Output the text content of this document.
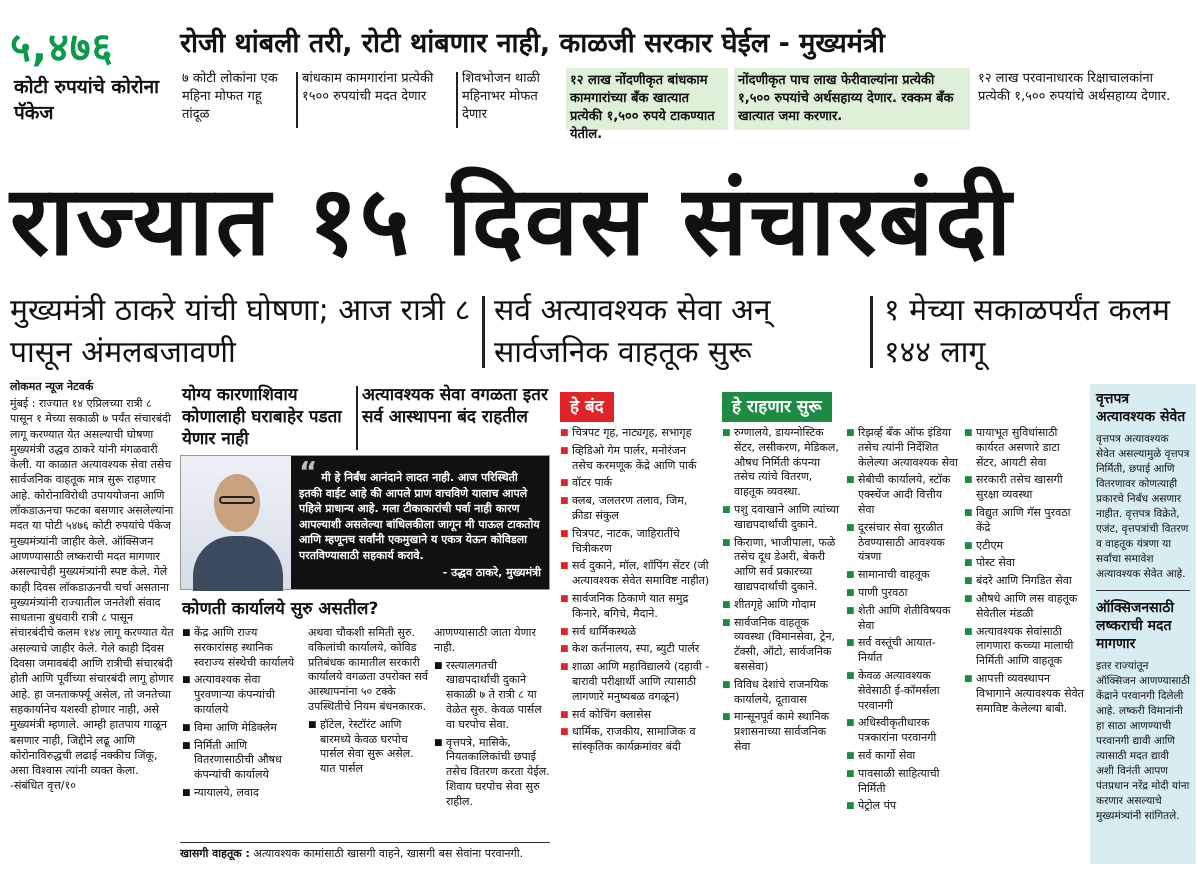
५,४७६
कोटी रुपयांचे कोरोना पॅकेज
रोजी थांबली तरी, रोटी थांबणार नाही, काळजी सरकार घेईल - मुख्यमंत्री
७ कोटी लोकांना एक महिना मोफत गहू तांदूळ
बांधकाम कामगारांना प्रत्येकी १५०० रुपयांची मदत देणार
शिवभोजन थाळी महिनाभर मोफत देणार
१२ लाख नोंदणीकृत बांधकाम कामगारांच्या बँक खात्यात प्रत्येकी १,५०० रुपये टाकण्यात येतील.
नोंदणीकृत पाच लाख फेरीवाल्यांना प्रत्येकी १,५०० रुपयांचे अर्थसहाय्य देणार. रक्कम बँक खात्यात जमा करणार.
१२ लाख परवानाधारक रिक्षाचालकांना प्रत्येकी १,५०० रुपयांचे अर्थसहाय्य देणार.
राज्यात १५ दिवस संचारबंदी
मुख्यमंत्री ठाकरे यांची घोषणा; आज रात्री ८ पासून अंमलबजावणी
सर्व अत्यावश्यक सेवा अन् सार्वजनिक वाहतूक सुरू
१ मेच्या सकाळपर्यंत कलम १४४ लागू
लोकमत न्यूज नेटवर्क
मुंबई : राज्यात १४ एप्रिलच्या रात्री ८ पासून १ मेच्या सकाळी ७ पर्यंत संचारबंदी लागू करण्यात येत असल्याची घोषणा मुख्यमंत्री उद्धव ठाकरे यांनी मंगळवारी केली. या काळात अत्यावश्यक सेवा तसेच सार्वजनिक वाहतूक मात्र सुरू राहणार आहे. कोरोनाविरोधी उपाययोजना आणि लॉकडाऊनचा फटका बसणार असलेल्यांना मदत या पोटी ५४७६ कोटी रुपयांचे पॅकेज मुख्यमंत्र्यांनी जाहीर केले. ऑक्सिजन आणण्यासाठी लष्कराची मदत मागणार असल्याचेही मुख्यमंत्र्यांनी स्पष्ट केले. गेले काही दिवस लॉकडाऊनची चर्चा असताना मुख्यमंत्र्यांनी राज्यातील जनतेशी संवाद साधताना बुधवारी रात्री ८ पासून संचारबंदीचे कलम १४४ लागू करण्यात येत असल्याचे जाहीर केले. गेले काही दिवस दिवसा जमावबंदी आणि रात्रीची संचारबंदी होती आणि पूर्वीच्या संचारबंदी लागू होणार आहे. हा जनताकर्फ्यू असेल, तो जनतेच्या सहकार्यानेच यशस्वी होणार नाही, असे मुख्यमंत्री म्हणाले. आम्ही हातपाय गाळून बसणार नाही, जिद्दीने लढू आणि कोरोनाविरुद्धची लढाई नक्कीच जिंकू, असा विश्वास त्यांनी व्यक्त केला. -संबंधित वृत्त/१०
योग्य कारणाशिवाय कोणालाही घराबाहेर पडता येणार नाही
अत्यावश्यक सेवा वगळता इतर सर्व आस्थापना बंद राहतील
“ मी हे निर्बंध आनंदाने लादत नाही. आज परिस्थिती इतकी वाईट आहे की आपले प्राण वाचविणे यालाच आपले पहिले प्राधान्य आहे. मला टीकाकारांची पर्वा नाही कारण आपल्याशी असलेल्या बांधिलकीला जागून मी पाऊल टाकतोय आणि म्हणूनच सर्वांनी एकमुखाने य एकत्र येऊन कोविडला परतविण्यासाठी सहकार्य करावे.
- उद्धव ठाकरे, मुख्यमंत्री
कोणती कार्यालये सुरु असतील?
■ केंद्र आणि राज्य सरकारांसह स्थानिक स्वराज्य संस्थेची कार्यालये
■ अत्यावश्यक सेवा पुरवणाऱ्या कंपन्यांची कार्यालये
■ विमा आणि मेडिक्लेम
■ निर्मिती आणि वितरणासाठीची औषध कंपन्यांची कार्यालये
■ न्यायालये, लवाद
अथवा चौकशी समिती सुरु. वकिलांची कार्यालये, कोविड प्रतिबंधक कामातील सरकारी कार्यालये वगळता उपरोक्त सर्व आस्थापनांना ५० टक्के उपस्थितीचे नियम बंधनकारक.
■ हॉटेल, रेस्टॉरंट आणि बारमध्ये केवळ घरपोच पार्सल सेवा सुरू असेल. यात पार्सल
आणण्यासाठी जाता येणार नाही.
■ रस्त्यालगतची खाद्यपदार्थांची दुकाने सकाळी ७ ते रात्री ८ या वेळेत सुरु. केवळ पार्सल वा घरपोच सेवा.
■ वृत्तपत्रे, मासिके, नियतकालिकांची छपाई तसेच वितरण करता येईल. शिवाय घरपोच सेवा सुरु राहील.
खासगी वाहतूक : अत्यावश्यक कामांसाठी खासगी वाहने, खासगी बस सेवांना परवानगी.
हे बंद
■ चित्रपट गृह, नाट्यगृह, सभागृह
■ व्हिडिओ गेम पार्लर, मनोरंजन तसेच करमणूक केंद्रे आणि पार्क
■ वॉटर पार्क
■ क्लब, जलतरण तलाव, जिम, क्रीडा संकुल
■ चित्रपट, नाटक, जाहिरातींचे चित्रीकरण
■ सर्व दुकाने, मॉल, शॉपिंग सेंटर (जी अत्यावश्यक सेवेत समाविष्ट नाहीत)
■ सार्वजनिक ठिकाणे यात समुद्र किनारे, बगिचे, मैदाने.
■ सर्व धार्मिकस्थळे
■ केश कर्तनालय, स्पा, ब्युटी पार्लर
■ शाळा आणि महाविद्यालये (दहावी - बारावी परीक्षार्थी आणि त्यासाठी लागणारे मनुष्यबळ वगळून)
■ सर्व कोचिंग क्लासेस
■ धार्मिक, राजकीय, सामाजिक व सांस्कृतिक कार्यक्रमांवर बंदी
हे राहणार सुरू
■ रुग्णालये, डायग्नोस्टिक सेंटर, लसीकरण, मेडिकल, औषध निर्मिती कंपन्या तसेच त्यांचे वितरण, वाहतूक व्यवस्था.
■ पशु दवाखाने आणि त्यांच्या खाद्यपदार्थांची दुकाने.
■ किराणा, भाजीपाला, फळे तसेच दूध डेअरी, बेकरी आणि सर्व प्रकारच्या खाद्यपदार्थांची दुकाने.
■ शीतगृहे आणि गोदाम
■ सार्वजनिक वाहतूक व्यवस्था (विमानसेवा, ट्रेन, टॅक्सी, ऑटो, सार्वजनिक बससेवा)
■ विविध देशांचे राजनयिक कार्यालये, दूतावास
■ मान्सूनपूर्व कामे स्थानिक प्रशासनाच्या सार्वजनिक सेवा
■ रिझर्व्ह बँक ऑफ इंडिया तसेच त्यांनी निर्देशित केलेल्या अत्यावश्यक सेवा
■ सेबीची कार्यालये, स्टॉक एक्स्चेंज आदी वित्तीय सेवा
■ दूरसंचार सेवा सुरळीत ठेवण्यासाठी आवश्यक यंत्रणा
■ सामानाची वाहतूक
■ पाणी पुरवठा
■ शेती आणि शेतीविषयक सेवा
■ सर्व वस्तूंची आयात-निर्यात
■ केवळ अत्यावश्यक सेवेसाठी ई-कॉमर्सला परवानगी
■ अधिस्वीकृतीधारक पत्रकारांना परवानगी
■ सर्व कार्गो सेवा
■ पावसाळी साहित्याची निर्मिती
■ पेट्रोल पंप
■ पायाभूत सुविधांसाठी कार्यरत असणारे डाटा सेंटर, आयटी सेवा
■ सरकारी तसेच खासगी सुरक्षा व्यवस्था
■ विद्युत आणि गॅस पुरवठा केंद्रे
■ एटीएम
■ पोस्ट सेवा
■ बंदरे आणि निगडित सेवा
■ औषधे आणि लस वाहतूक सेवेतील मंडळी
■ अत्यावश्यक सेवांसाठी लागणारा कच्च्या मालाची निर्मिती आणि वाहतूक
■ आपत्ती व्यवस्थापन विभागाने अत्यावश्यक सेवेत समाविष्ट केलेल्या बाबी.
वृत्तपत्र अत्यावश्यक सेवेत

वृत्तपत्र अत्यावश्यक सेवेत असल्यामुळे वृत्तपत्र निर्मिती, छपाई आणि वितरणावर कोणत्याही प्रकारचे निर्बंध असणार नाहीत. वृत्तपत्र विक्रेते, एजंट, वृत्तपत्रांची वितरण व वाहतूक यंत्रणा या सर्वांचा समावेश अत्यावश्यक सेवेत आहे.

ऑक्सिजनसाठी लष्कराची मदत मागणार

इतर राज्यांतून ऑक्सिजन आणण्यासाठी केंद्राने परवानगी दिलेली आहे. लष्करी विमानांनी हा साठा आणण्याची परवानगी द्यावी आणि त्यासाठी मदत द्यावी अशी विनंती आपण पंतप्रधान नरेंद्र मोदी यांना करणार असल्याचे मुख्यमंत्र्यांनी सांगितले.
